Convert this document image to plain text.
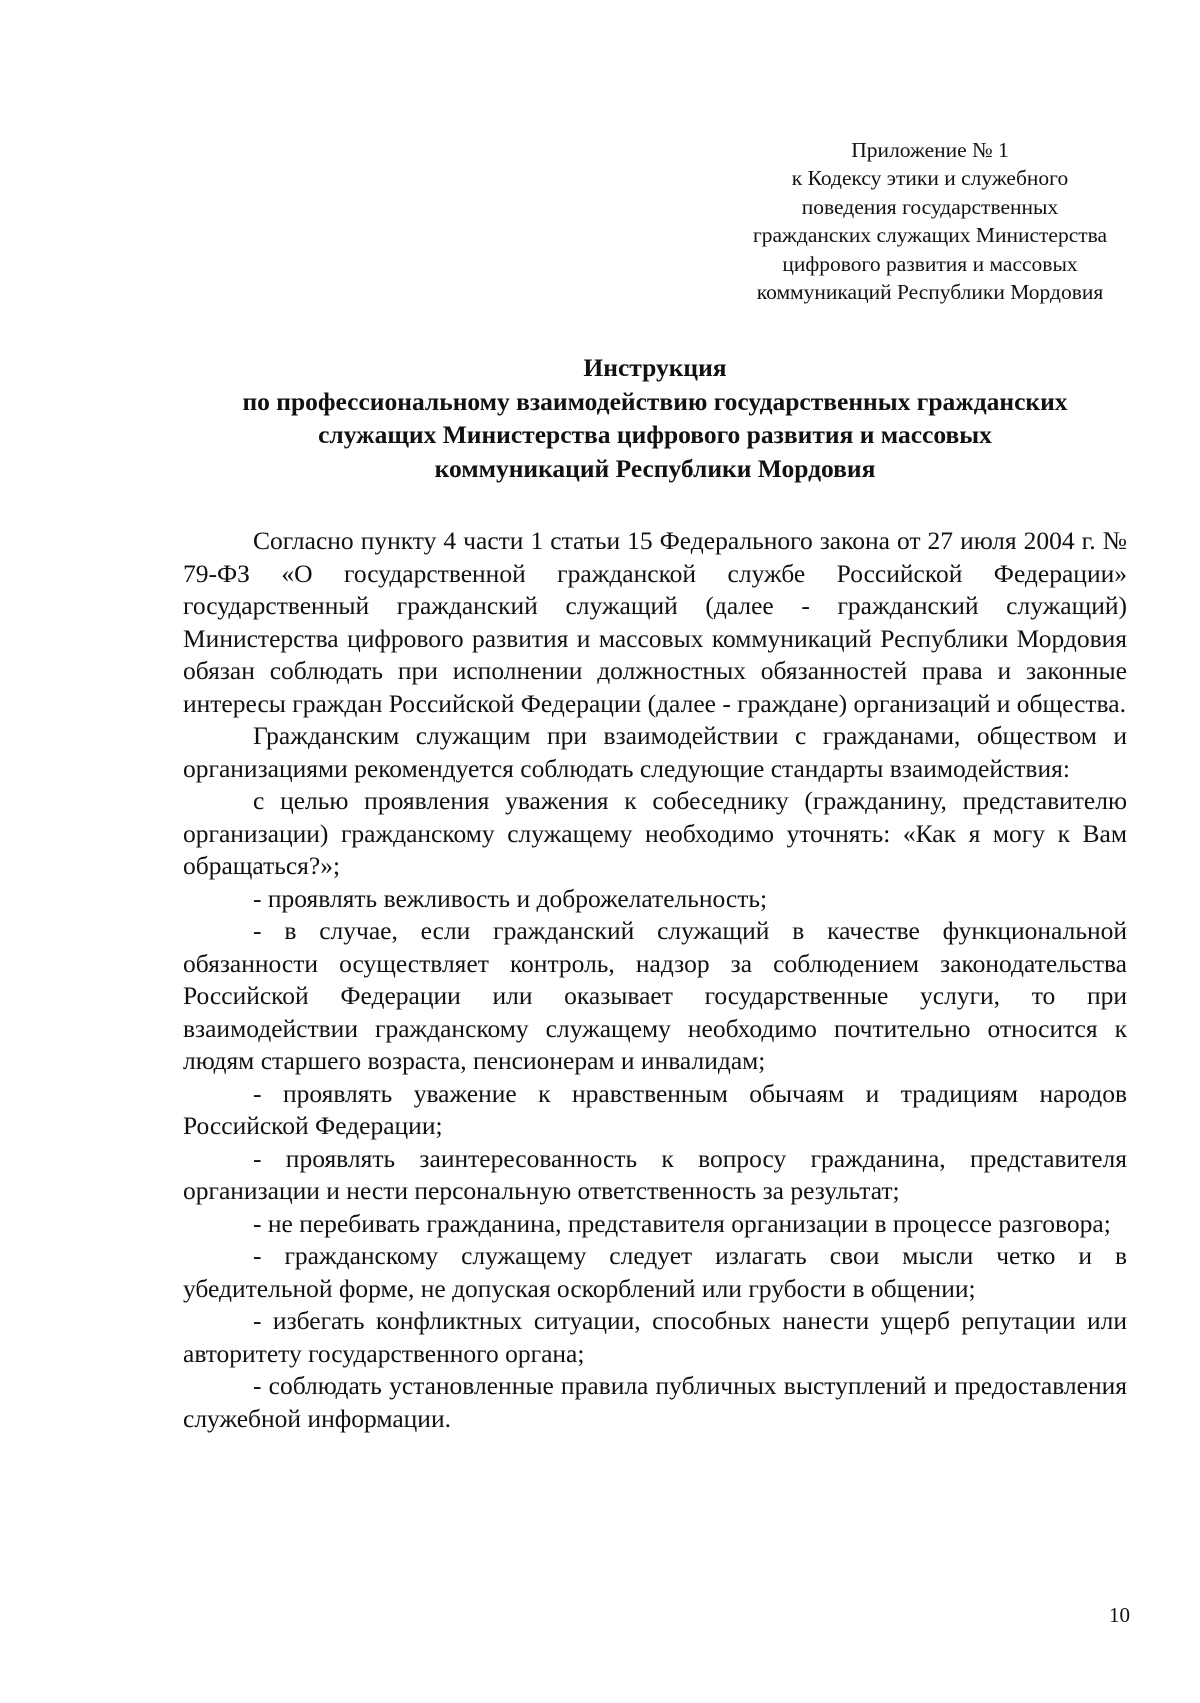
Приложение № 1
к Кодексу этики и служебного
поведения государственных
гражданских служащих Министерства
цифрового развития и массовых
коммуникаций Республики Мордовия
Инструкция
по профессиональному взаимодействию государственных гражданских
служащих Министерства цифрового развития и массовых
коммуникаций Республики Мордовия

Согласно пункту 4 части 1 статьи 15 Федерального закона от 27 июля 2004 г. № 79-ФЗ «О государственной гражданской службе Российской Федерации» государственный гражданский служащий (далее - гражданский служащий) Министерства цифрового развития и массовых коммуникаций Республики Мордовия обязан соблюдать при исполнении должностных обязанностей права и законные интересы граждан Российской Федерации (далее - граждане) организаций и общества.

Гражданским служащим при взаимодействии с гражданами, обществом и организациями рекомендуется соблюдать следующие стандарты взаимодействия:

с целью проявления уважения к собеседнику (гражданину, представителю организации) гражданскому служащему необходимо уточнять: «Как я могу к Вам обращаться?»;

- проявлять вежливость и доброжелательность;

- в случае, если гражданский служащий в качестве функциональной обязанности осуществляет контроль, надзор за соблюдением законодательства Российской Федерации или оказывает государственные услуги, то при взаимодействии гражданскому служащему необходимо почтительно относится к людям старшего возраста, пенсионерам и инвалидам;

- проявлять уважение к нравственным обычаям и традициям народов Российской Федерации;

- проявлять заинтересованность к вопросу гражданина, представителя организации и нести персональную ответственность за результат;

- не перебивать гражданина, представителя организации в процессе разговора;

- гражданскому служащему следует излагать свои мысли четко и в убедительной форме, не допуская оскорблений или грубости в общении;

- избегать конфликтных ситуации, способных нанести ущерб репутации или авторитету государственного органа;

- соблюдать установленные правила публичных выступлений и предоставления служебной информации.

10
